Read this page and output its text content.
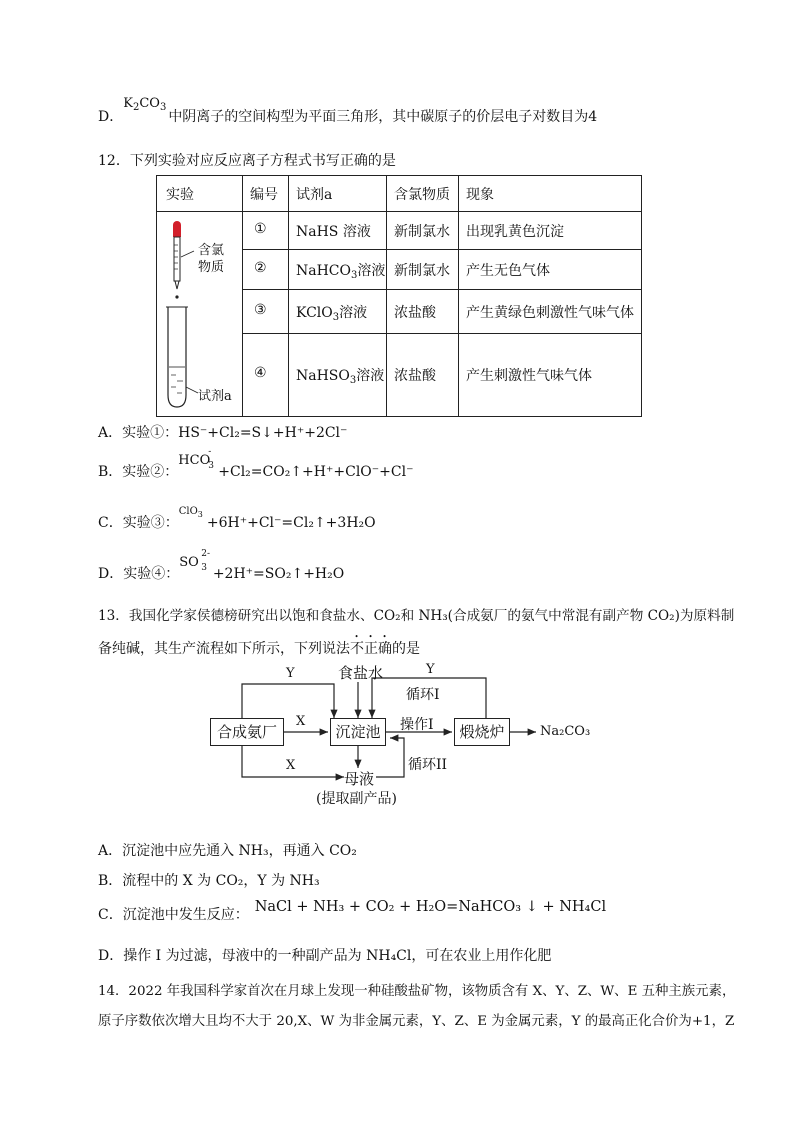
D．$K_2CO_3$中阴离子的空间构型为平面三角形，其中碳原子的价层电子对数目为4
12．下列实验对应反应离子方程式书写正确的是
实验	编号 试剂a	含氯物质 现象
含氯
物质
试剂a
① NaHS 溶液 新制氯水 出现乳黄色沉淀
② NaHCO$_3$溶液 新制氯水 产生无色气体
③ KClO$_3$溶液 浓盐酸 产生黄绿色刺激性气味气体
④ NaHSO$_3$溶液 浓盐酸 产生刺激性气味气体
A．实验①：HS⁻+Cl₂=S↓+H⁺+2Cl⁻
B．实验②：HCO
-
3 +Cl₂=CO₂↑+H⁺+ClO⁻+Cl⁻
C．实验③：ClO$_3$+6H⁺+Cl⁻=Cl₂↑+3H₂O
D．实验④：SO
2-
3 +2H⁺=SO₂↑+H₂O
13．我国化学家侯德榜研究出以饱和食盐水、CO₂和 NH₃(合成氨厂的氨气中常混有副产物 CO₂)为原料制
备纯碱，其生产流程如下所示，下列说法不正确的是
合成氨厂	沉淀池	煅烧炉
食盐水
Y	Y
循环I
X	操作I	Na₂CO₃
X	循环II
母液
(提取副产品)
A．沉淀池中应先通入 NH₃，再通入 CO₂
B．流程中的 X 为 CO₂，Y 为 NH₃
C．沉淀池中发生反应： NaCl + NH₃ + CO₂ + H₂O=NaHCO₃ ↓ + NH₄Cl
D．操作 I 为过滤，母液中的一种副产品为 NH₄Cl，可在农业上用作化肥
14．2022 年我国科学家首次在月球上发现一种硅酸盐矿物，该物质含有 X、Y、Z、W、E 五种主族元素，
原子序数依次增大且均不大于 20,X、W 为非金属元素，Y、Z、E 为金属元素，Y 的最高正化合价为+1，Z
